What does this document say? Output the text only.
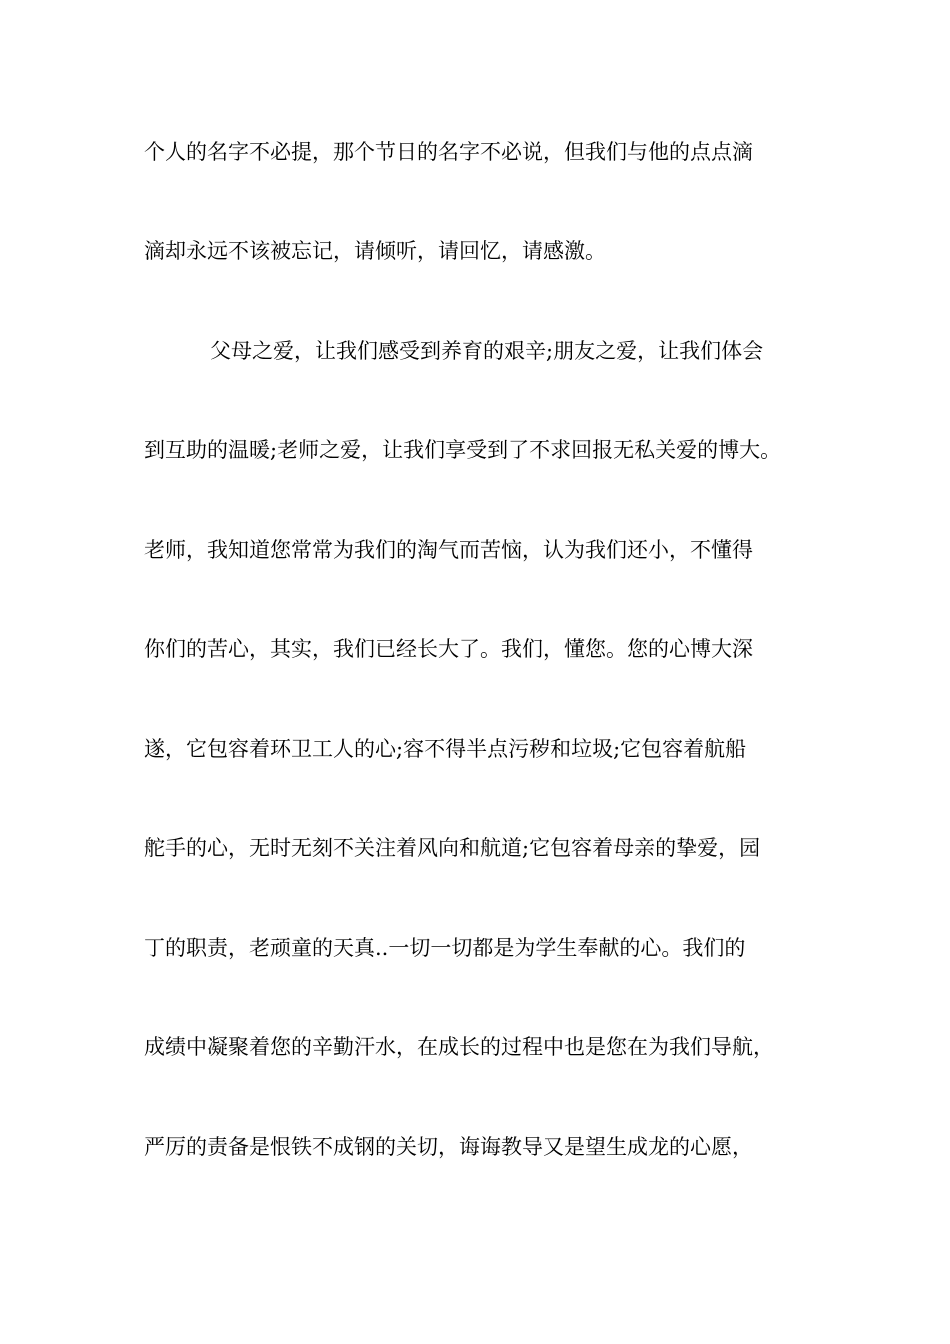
个人的名字不必提，那个节日的名字不必说，但我们与他的点点滴
滴却永远不该被忘记，请倾听，请回忆，请感激。
父母之爱，让我们感受到养育的艰辛;朋友之爱，让我们体会
到互助的温暖;老师之爱，让我们享受到了不求回报无私关爱的博大。
老师，我知道您常常为我们的淘气而苦恼，认为我们还小，不懂得
你们的苦心，其实，我们已经长大了。我们，懂您。您的心博大深
遂，它包容着环卫工人的心;容不得半点污秽和垃圾;它包容着航船
舵手的心，无时无刻不关注着风向和航道;它包容着母亲的挚爱，园
丁的职责，老顽童的天真..一切一切都是为学生奉献的心。我们的
成绩中凝聚着您的辛勤汗水，在成长的过程中也是您在为我们导航，
严厉的责备是恨铁不成钢的关切，诲诲教导又是望生成龙的心愿，
